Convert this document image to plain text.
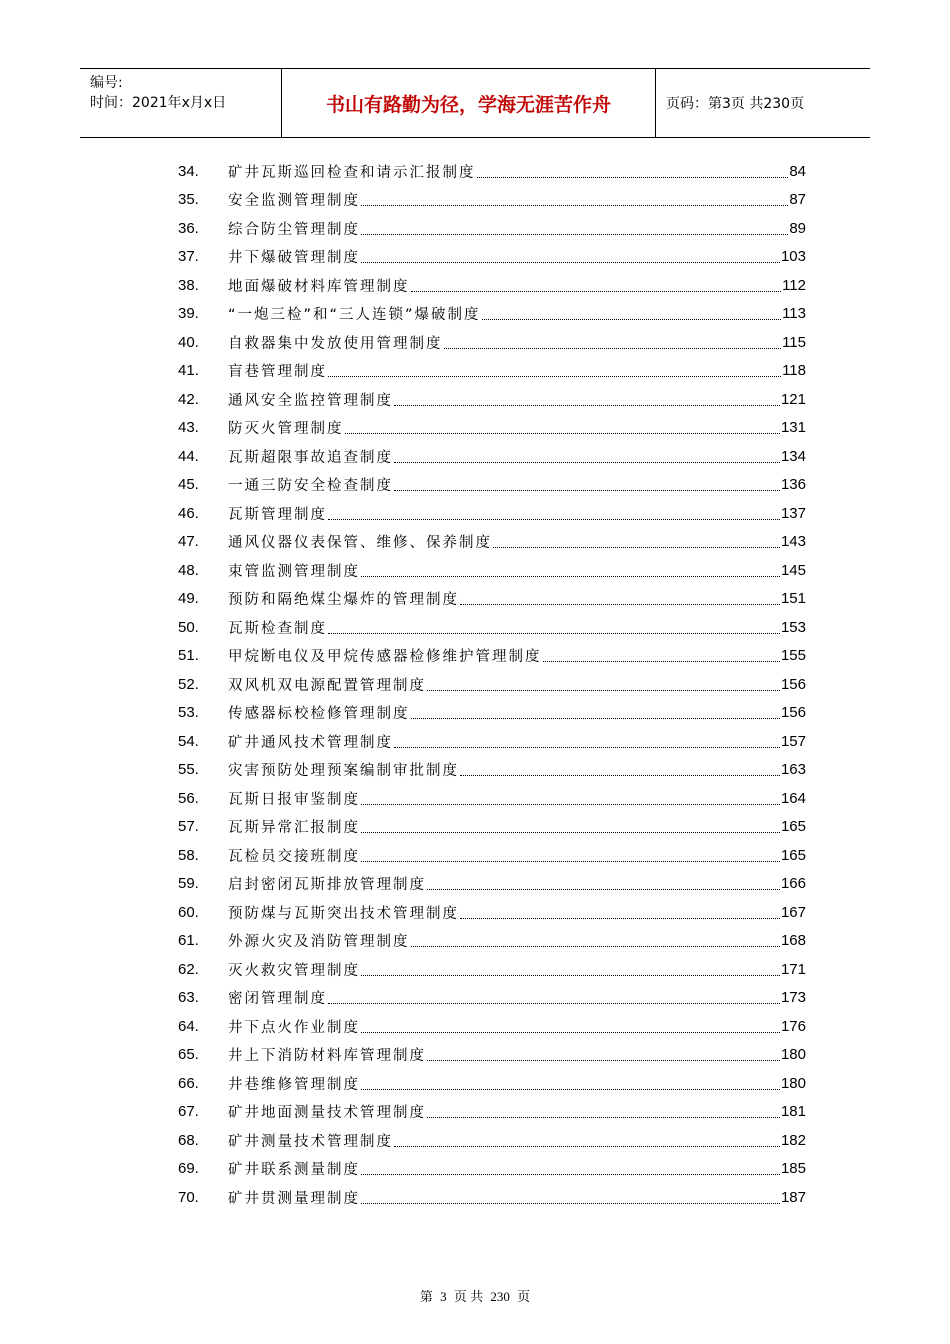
编号:
时间：2021年x月x日	书山有路勤为径，学海无涯苦作舟	页码：第3页 共230页
34.	矿井瓦斯巡回检查和请示汇报制度	84
35.	安全监测管理制度	87
36.	综合防尘管理制度	89
37.	井下爆破管理制度	103
38.	地面爆破材料库管理制度	112
39.	“一炮三检”和“三人连锁”爆破制度	113
40.	自救器集中发放使用管理制度	115
41.	盲巷管理制度	118
42.	通风安全监控管理制度	121
43.	防灭火管理制度	131
44.	瓦斯超限事故追查制度	134
45.	一通三防安全检查制度	136
46.	瓦斯管理制度	137
47.	通风仪器仪表保管、维修、保养制度	143
48.	束管监测管理制度	145
49.	预防和隔绝煤尘爆炸的管理制度	151
50.	瓦斯检查制度	153
51.	甲烷断电仪及甲烷传感器检修维护管理制度	155
52.	双风机双电源配置管理制度	156
53.	传感器标校检修管理制度	156
54.	矿井通风技术管理制度	157
55.	灾害预防处理预案编制审批制度	163
56.	瓦斯日报审鉴制度	164
57.	瓦斯异常汇报制度	165
58.	瓦检员交接班制度	165
59.	启封密闭瓦斯排放管理制度	166
60.	预防煤与瓦斯突出技术管理制度	167
61.	外源火灾及消防管理制度	168
62.	灭火救灾管理制度	171
63.	密闭管理制度	173
64.	井下点火作业制度	176
65.	井上下消防材料库管理制度	180
66.	井巷维修管理制度	180
67.	矿井地面测量技术管理制度	181
68.	矿井测量技术管理制度	182
69.	矿井联系测量制度	185
70.	矿井贯测量理制度	187
第 3 页 共 230 页
